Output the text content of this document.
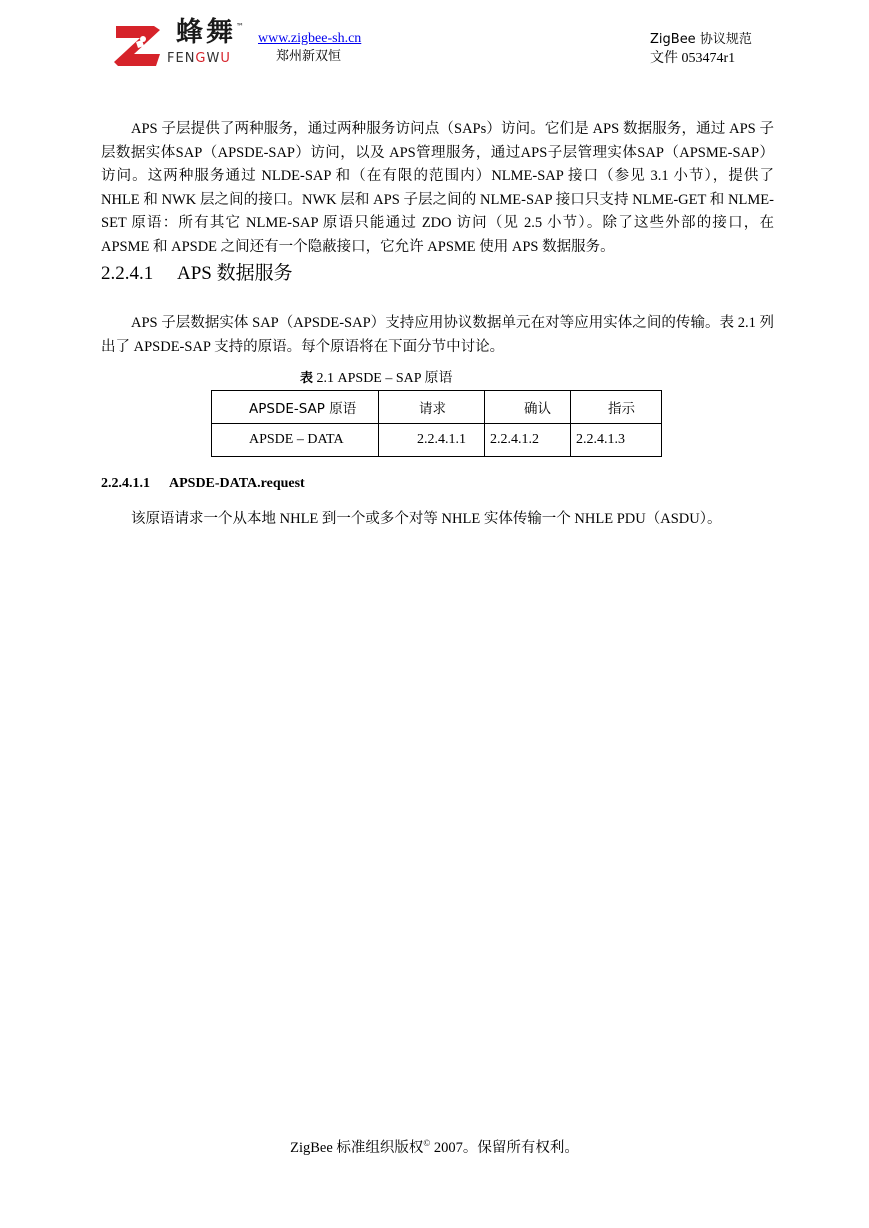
蜂舞 ™
FENGWU
www.zigbee-sh.cn
郑州新双恒
ZigBee 协议规范
文件 053474r1

APS 子层提供了两种服务，通过两种服务访问点（SAPs）访问。它们是 APS 数据服务，通过 APS 子层数据实体SAP（APSDE-SAP）访问，以及 APS管理服务，通过APS子层管理实体SAP（APSME-SAP）访问。这两种服务通过 NLDE-SAP 和（在有限的范围内）NLME-SAP 接口（参见 3.1 小节），提供了 NHLE 和 NWK 层之间的接口。NWK 层和 APS 子层之间的 NLME-SAP 接口只支持 NLME-GET 和 NLME-SET 原语：所有其它 NLME-SAP 原语只能通过 ZDO 访问（见 2.5 小节）。除了这些外部的接口，在 APSME 和 APSDE 之间还有一个隐蔽接口，它允许 APSME 使用 APS 数据服务。

2.2.4.1 APS 数据服务

APS 子层数据实体 SAP（APSDE-SAP）支持应用协议数据单元在对等应用实体之间的传输。表 2.1 列出了 APSDE-SAP 支持的原语。每个原语将在下面分节中讨论。

表 2.1 APSDE – SAP 原语
APSDE-SAP 原语	请求	确认	指示
APSDE – DATA	2.2.4.1.1	2.2.4.1.2	2.2.4.1.3
2.2.4.1.1 APSDE-DATA.request

该原语请求一个从本地 NHLE 到一个或多个对等 NHLE 实体传输一个 NHLE PDU（ASDU）。

ZigBee 标准组织版权© 2007。保留所有权利。
